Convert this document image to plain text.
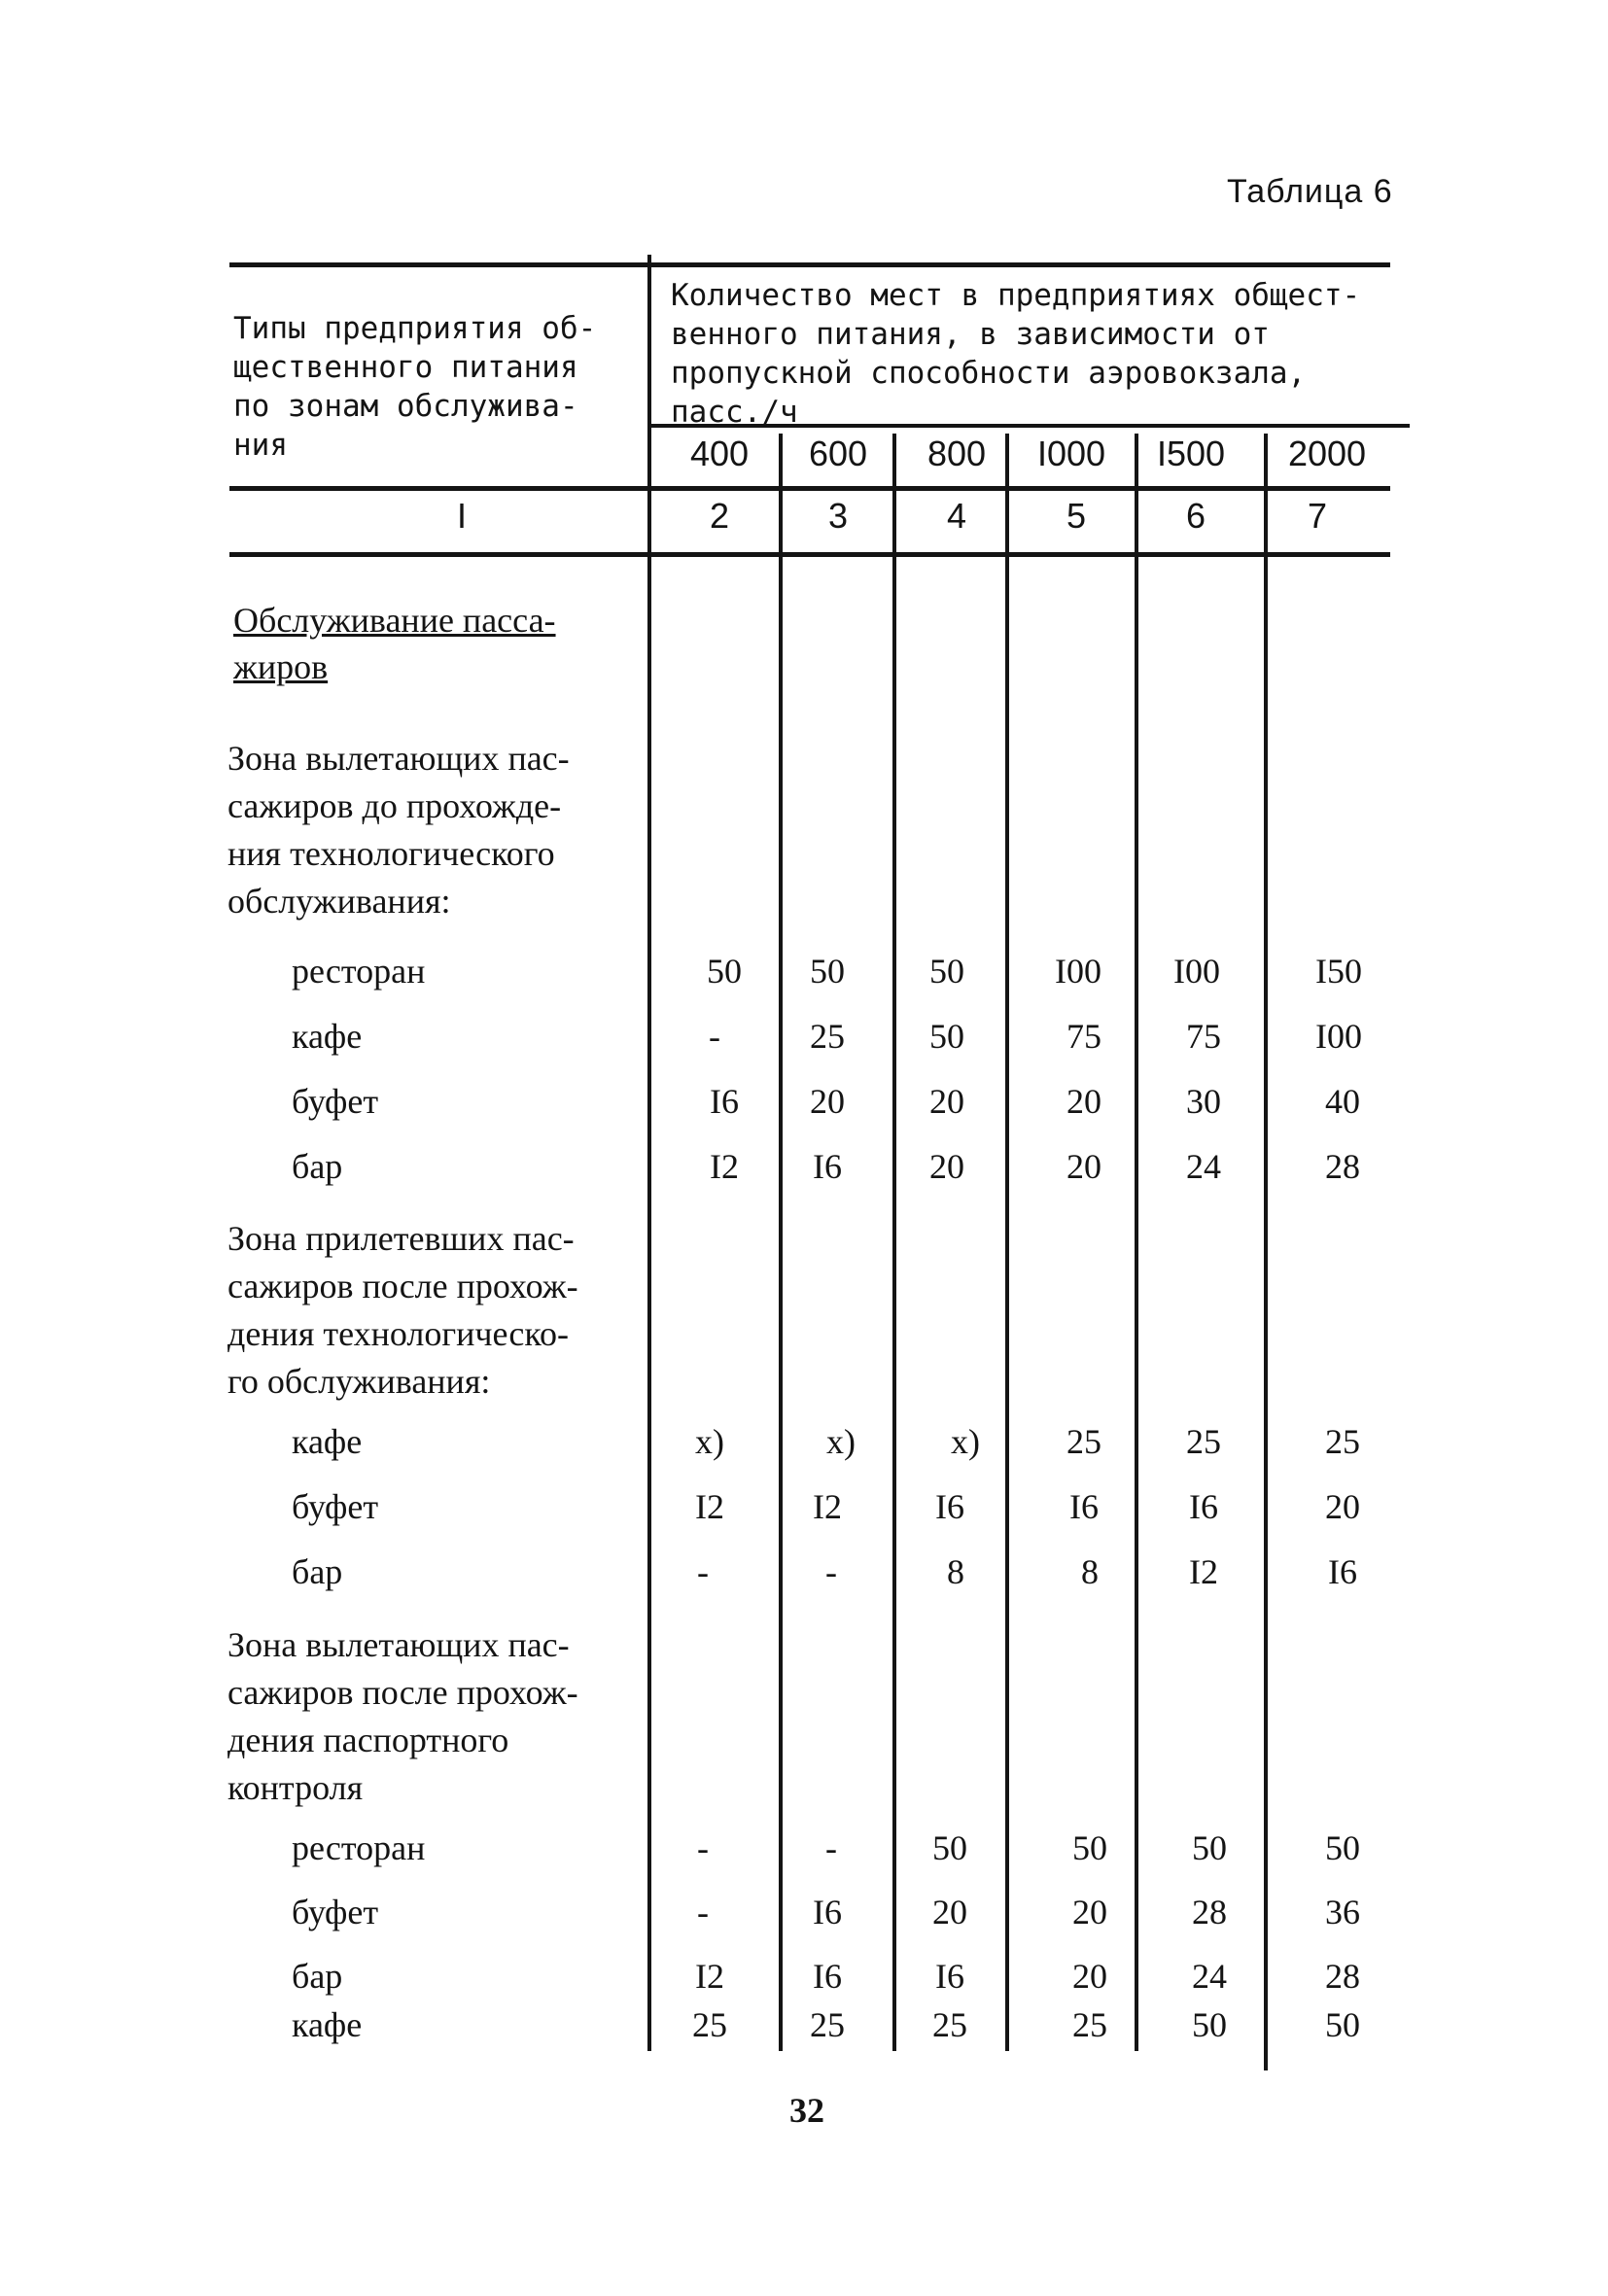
Таблица 6
Типы предприятия об-
щественного питания
по зонам обслужива-
ния
Количество мест в предприятиях общест-
венного питания, в зависимости от
пропускной способности аэровокзала,
пасс./ч
400	600	800	I000	I500	2000
I	2	3	4	5	6	7
Обслуживание пасса-
жиров
Зона вылетающих пас-
сажиров до прохожде-
ния технологического
обслуживания:
ресторан	50	50	50	I00	I00	I50
кафе	-	25	50	75	75	I00
буфет	I6	20	20	20	30	40
бар	I2	I6	20	20	24	28
Зона прилетевших пас-
сажиров после прохож-
дения технологическо-
го обслуживания:
кафе	x)	x)	x)	25	25	25
буфет	I2	I2	I6	I6	I6	20
бар	-	-	8	8	I2	I6
Зона вылетающих пас-
сажиров после прохож-
дения паспортного
контроля
ресторан	-	-	50	50	50	50
буфет	-	I6	20	20	28	36
бар	I2	I6	I6	20	24	28
кафе	25	25	25	25	50	50
32
